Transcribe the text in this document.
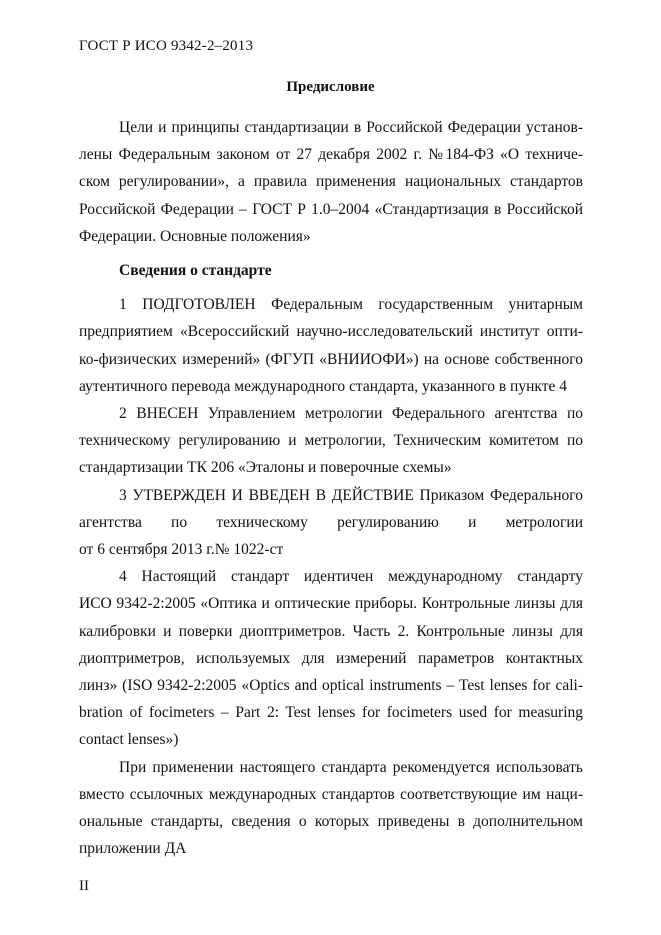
ГОСТ Р ИСО 9342-2–2013
Предисловие
Цели и принципы стандартизации в Российской Федерации установ-
лены Федеральным законом от 27 декабря 2002 г. №184-ФЗ «О техниче-
ском регулировании», а правила применения национальных стандартов
Российской Федерации – ГОСТ Р 1.0–2004 «Стандартизация в Российской
Федерации. Основные положения»
Сведения о стандарте
1 ПОДГОТОВЛЕН Федеральным государственным унитарным
предприятием «Всероссийский научно-исследовательский институт опти-
ко-физических измерений» (ФГУП «ВНИИОФИ») на основе собственного
аутентичного перевода международного стандарта, указанного в пункте 4
2 ВНЕСЕН Управлением метрологии Федерального агентства по
техническому регулированию и метрологии, Техническим комитетом по
стандартизации ТК 206 «Эталоны и поверочные схемы»
3 УТВЕРЖДЕН И ВВЕДЕН В ДЕЙСТВИЕ Приказом Федерального
агентства по техническому регулированию и метрологии
от 6 сентября 2013 г.№ 1022-ст
4 Настоящий стандарт идентичен международному стандарту
ИСО 9342-2:2005 «Оптика и оптические приборы. Контрольные линзы для
калибровки и поверки диоптриметров. Часть 2. Контрольные линзы для
диоптриметров, используемых для измерений параметров контактных
линз» (ISO 9342-2:2005 «Optics and optical instruments – Test lenses for cali-
bration of focimeters – Part 2: Test lenses for focimeters used for measuring
contact lenses»)
При применении настоящего стандарта рекомендуется использовать
вместо ссылочных международных стандартов соответствующие им наци-
ональные стандарты, сведения о которых приведены в дополнительном
приложении ДА
II
